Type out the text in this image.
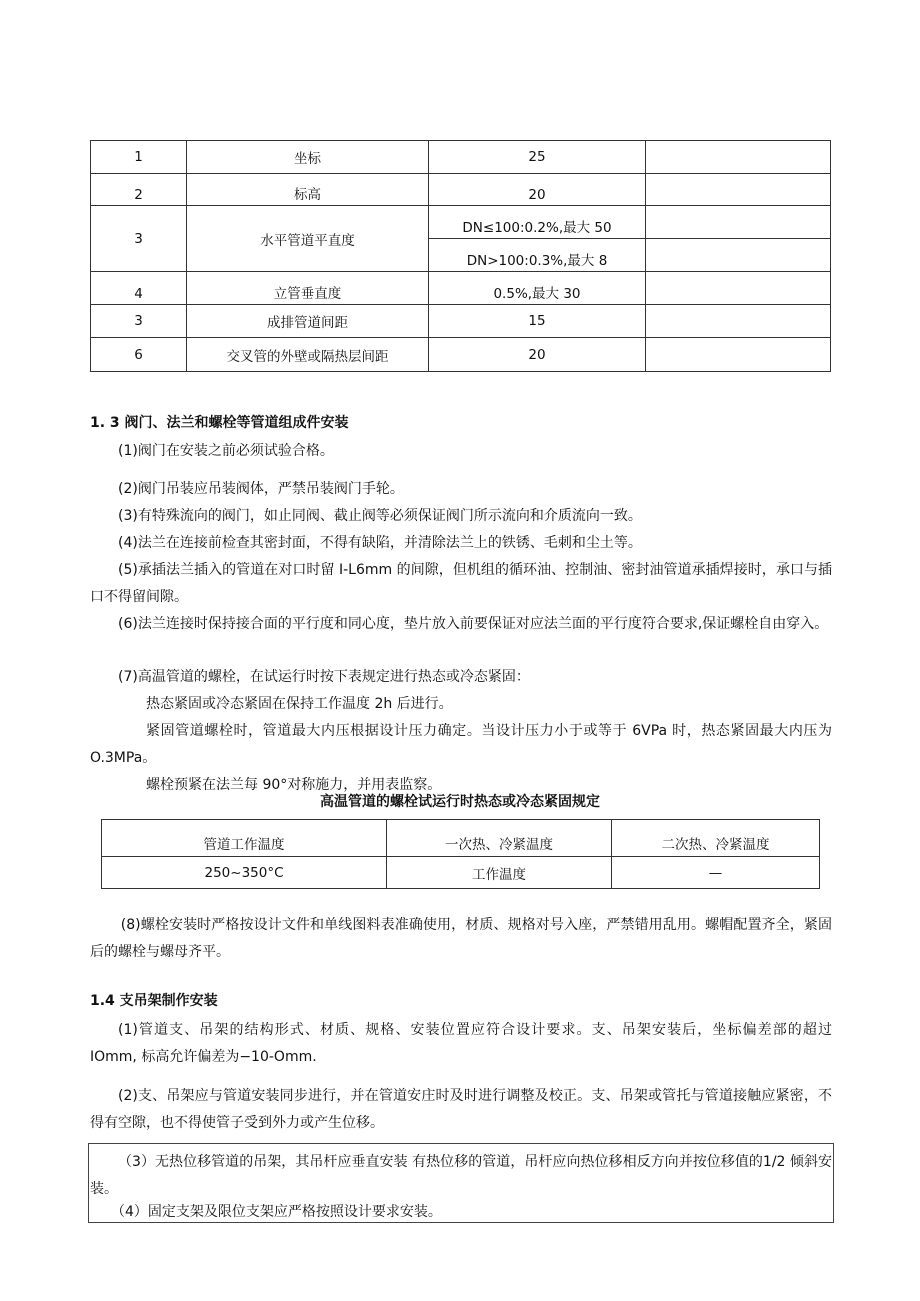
1	坐标	25	
2	标高	20	
3	水平管道平直度	DN≤100:0.2%,最大 50	
		DN>100:0.3%,最大 8	
4	立管垂直度	0.5%,最大 30	
3	成排管道间距	15	
6	交叉管的外壁或隔热层间距	20	
1. 3 阀门、法兰和螺栓等管道组成件安装
(1)阀门在安装之前必须试验合格。
(2)阀门吊装应吊装阀体，严禁吊装阀门手轮。
(3)有特殊流向的阀门，如止同阀、截止阀等必须保证阀门所示流向和介质流向一致。
(4)法兰在连接前检查其密封面，不得有缺陷，并清除法兰上的铁锈、毛刺和尘土等。
(5)承插法兰插入的管道在对口时留 I-L6mm 的间隙，但机组的循环油、控制油、密封油管道承插焊接时，承口与插口不得留间隙。
(6)法兰连接时保持接合面的平行度和同心度，垫片放入前要保证对应法兰面的平行度符合要求,保证螺栓自由穿入。
(7)高温管道的螺栓，在试运行时按下表规定进行热态或冷态紧固：
热态紧固或冷态紧固在保持工作温度 2h 后进行。
紧固管道螺栓时，管道最大内压根据设计压力确定。当设计压力小于或等于 6VPa 时，热态紧固最大内压为 O.3MPa。
螺栓预紧在法兰每 90°对称施力，并用表监察。
高温管道的螺栓试运行时热态或冷态紧固规定
管道工作温度	一次热、冷紧温度	二次热、冷紧温度
250~350°C	工作温度	—
(8)螺栓安装时严格按设计文件和单线图料表准确使用，材质、规格对号入座，严禁错用乱用。螺帽配置齐全，紧固后的螺栓与螺母齐平。
1.4 支吊架制作安装
(1)管道支、吊架的结构形式、材质、规格、安装位置应符合设计要求。支、吊架安装后，坐标偏差部的超过 IOmm, 标高允许偏差为−10-Omm.
(2)支、吊架应与管道安装同步进行，并在管道安庄时及时进行调整及校正。支、吊架或管托与管道接触应紧密，不得有空隙，也不得使管子受到外力或产生位移。
（3）无热位移管道的吊架，其吊杆应垂直安装 有热位移的管道，吊杆应向热位移相反方向并按位移值的1/2 倾斜安装。
（4）固定支架及限位支架应严格按照设计要求安装。
